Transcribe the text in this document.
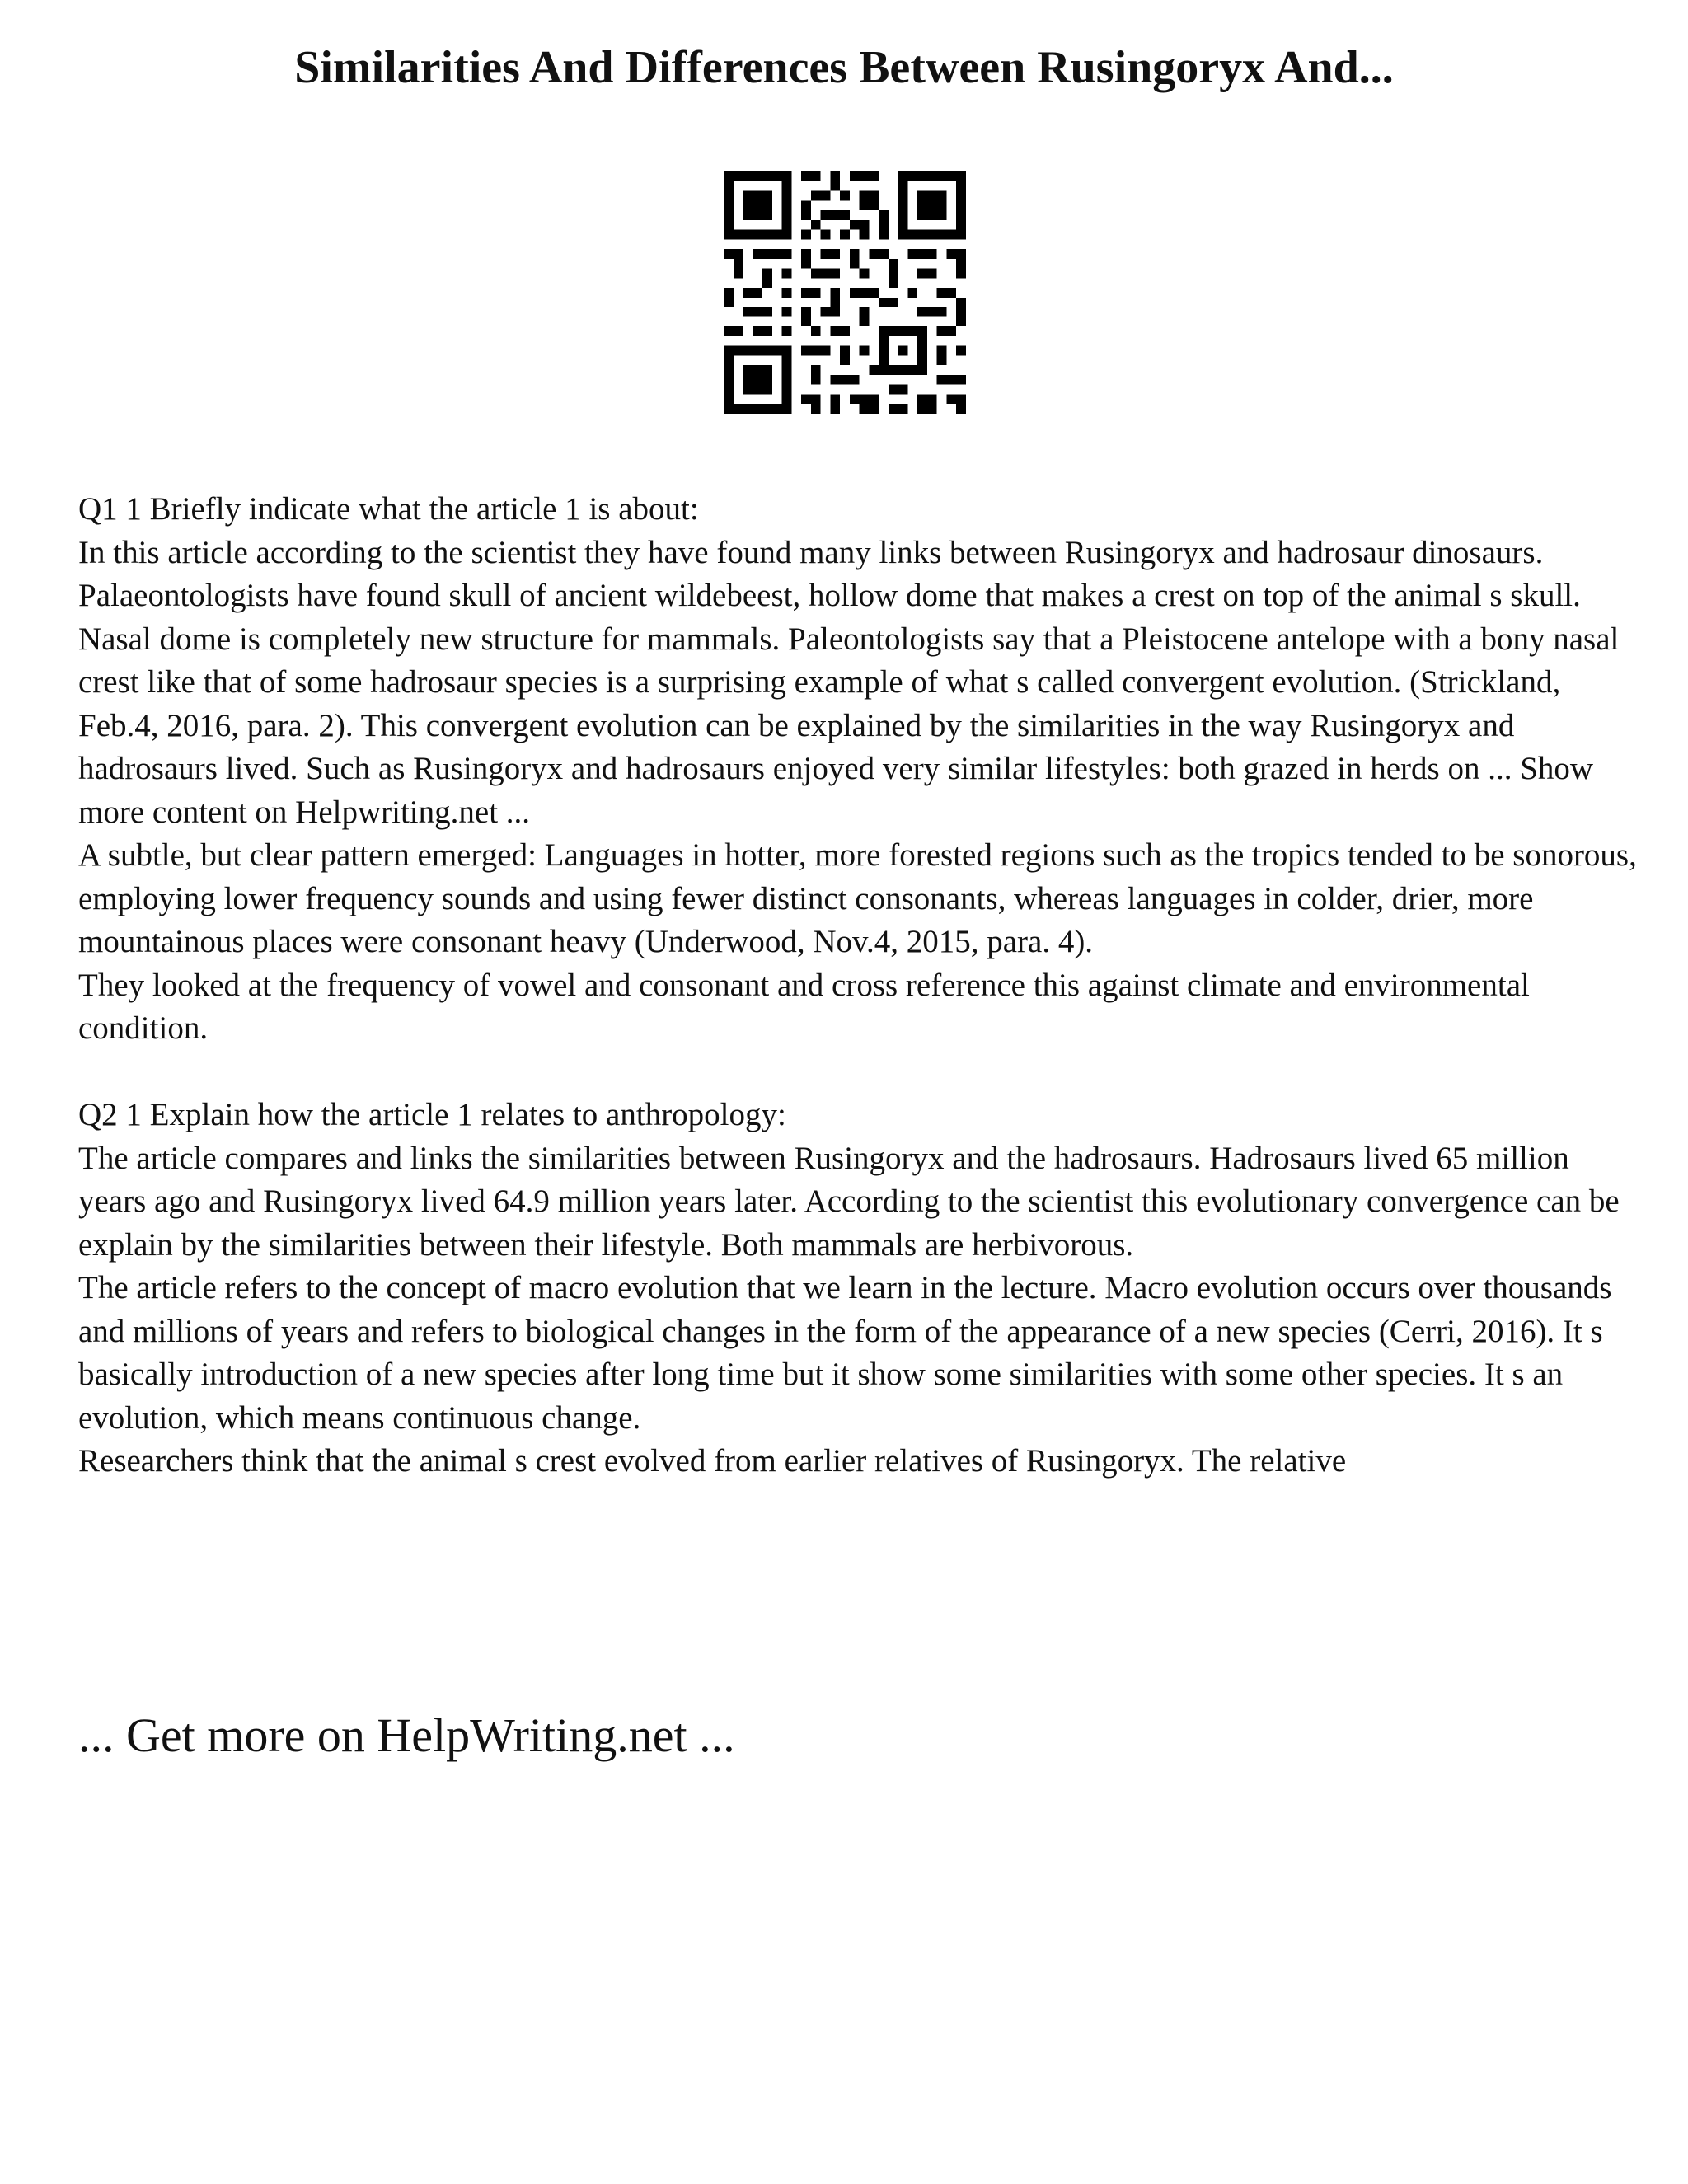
Similarities And Differences Between Rusingoryx And...

Q1 1 Briefly indicate what the article 1 is about:

In this article according to the scientist they have found many links between Rusingoryx and hadrosaur dinosaurs. Palaeontologists have found skull of ancient wildebeest, hollow dome that makes a crest on top of the animal s skull. Nasal dome is completely new structure for mammals. Paleontologists say that a Pleistocene antelope with a bony nasal crest like that of some hadrosaur species is a surprising example of what s called convergent evolution. (Strickland, Feb.4, 2016, para. 2). This convergent evolution can be explained by the similarities in the way Rusingoryx and hadrosaurs lived. Such as Rusingoryx and hadrosaurs enjoyed very similar lifestyles: both grazed in herds on ... Show more content on Helpwriting.net ...

A subtle, but clear pattern emerged: Languages in hotter, more forested regions such as the tropics tended to be sonorous, employing lower frequency sounds and using fewer distinct consonants, whereas languages in colder, drier, more mountainous places were consonant heavy (Underwood, Nov.4, 2015, para. 4).

They looked at the frequency of vowel and consonant and cross reference this against climate and environmental condition.

Q2 1 Explain how the article 1 relates to anthropology:

The article compares and links the similarities between Rusingoryx and the hadrosaurs. Hadrosaurs lived 65 million years ago and Rusingoryx lived 64.9 million years later. According to the scientist this evolutionary convergence can be explain by the similarities between their lifestyle. Both mammals are herbivorous.

The article refers to the concept of macro evolution that we learn in the lecture. Macro evolution occurs over thousands and millions of years and refers to biological changes in the form of the appearance of a new species (Cerri, 2016). It s basically introduction of a new species after long time but it show some similarities with some other species. It s an evolution, which means continuous change.

Researchers think that the animal s crest evolved from earlier relatives of Rusingoryx. The relative

... Get more on HelpWriting.net ...
